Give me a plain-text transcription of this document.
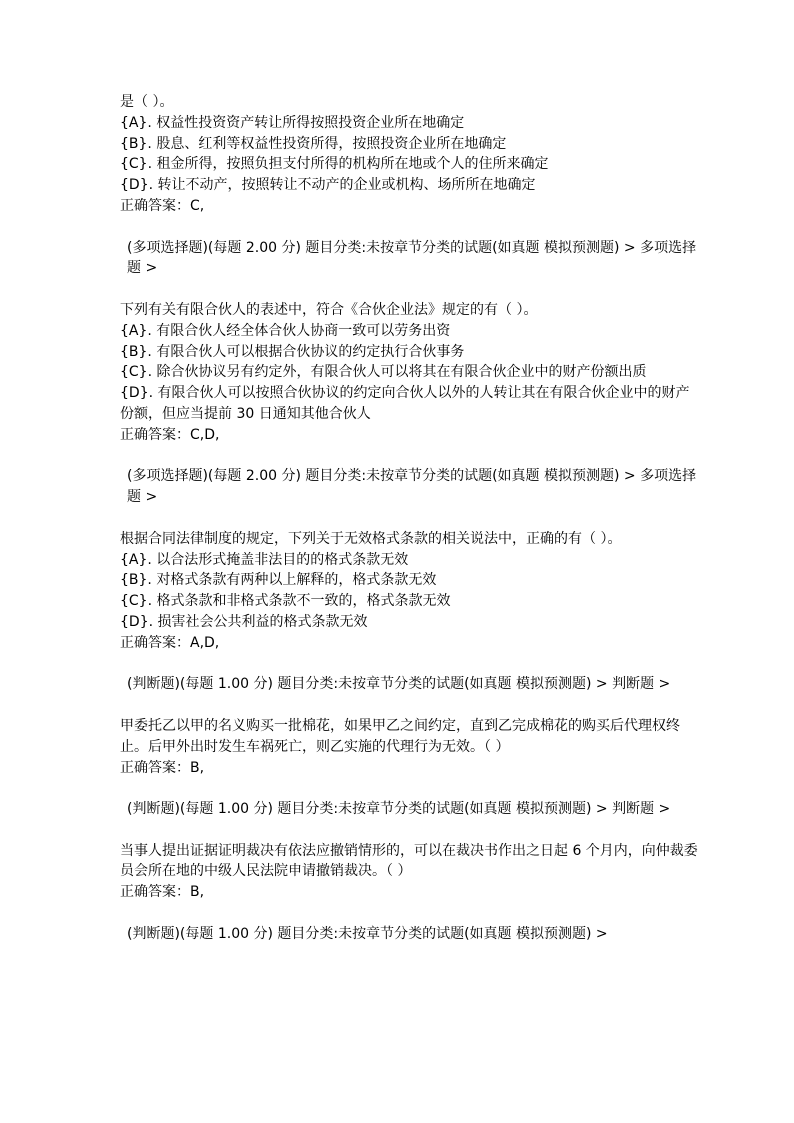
是（ ）。
{A}. 权益性投资资产转让所得按照投资企业所在地确定
{B}. 股息、红利等权益性投资所得，按照投资企业所在地确定
{C}. 租金所得，按照负担支付所得的机构所在地或个人的住所来确定
{D}. 转让不动产，按照转让不动产的企业或机构、场所所在地确定
正确答案：C,
(多项选择题)(每题 2.00 分) 题目分类:未按章节分类的试题(如真题 模拟预测题) > 多项选择题 >
下列有关有限合伙人的表述中，符合《合伙企业法》规定的有（ ）。
{A}. 有限合伙人经全体合伙人协商一致可以劳务出资
{B}. 有限合伙人可以根据合伙协议的约定执行合伙事务
{C}. 除合伙协议另有约定外，有限合伙人可以将其在有限合伙企业中的财产份额出质
{D}. 有限合伙人可以按照合伙协议的约定向合伙人以外的人转让其在有限合伙企业中的财产份额，但应当提前 30 日通知其他合伙人
正确答案：C,D,
(多项选择题)(每题 2.00 分) 题目分类:未按章节分类的试题(如真题 模拟预测题) > 多项选择题 >
根据合同法律制度的规定，下列关于无效格式条款的相关说法中，正确的有（ ）。
{A}. 以合法形式掩盖非法目的的格式条款无效
{B}. 对格式条款有两种以上解释的，格式条款无效
{C}. 格式条款和非格式条款不一致的，格式条款无效
{D}. 损害社会公共利益的格式条款无效
正确答案：A,D,
(判断题)(每题 1.00 分) 题目分类:未按章节分类的试题(如真题 模拟预测题) > 判断题 >
甲委托乙以甲的名义购买一批棉花，如果甲乙之间约定，直到乙完成棉花的购买后代理权终止。后甲外出时发生车祸死亡，则乙实施的代理行为无效。（ ）
正确答案：B,
(判断题)(每题 1.00 分) 题目分类:未按章节分类的试题(如真题 模拟预测题) > 判断题 >
当事人提出证据证明裁决有依法应撤销情形的，可以在裁决书作出之日起 6 个月内，向仲裁委员会所在地的中级人民法院申请撤销裁决。（ ）
正确答案：B,
(判断题)(每题 1.00 分) 题目分类:未按章节分类的试题(如真题 模拟预测题) >
